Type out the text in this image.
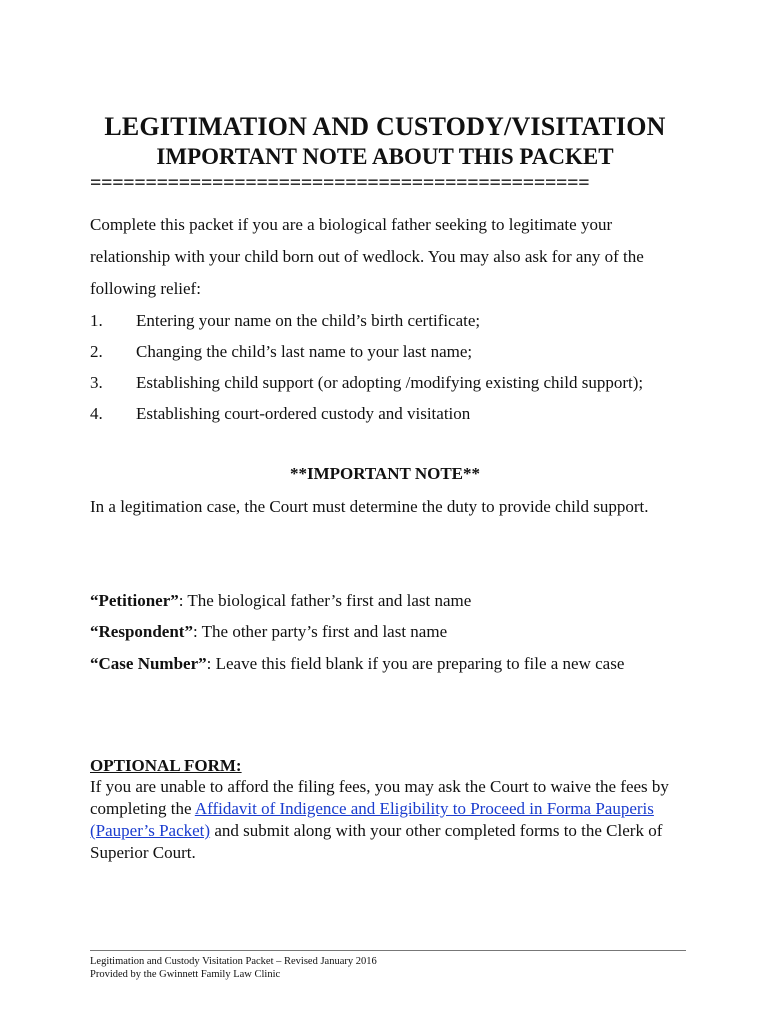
LEGITIMATION AND CUSTODY/VISITATION
IMPORTANT NOTE ABOUT THIS PACKET
=============================================
Complete this packet if you are a biological father seeking to legitimate your
relationship with your child born out of wedlock. You may also ask for any of the
following relief:
1. Entering your name on the child’s birth certificate;
2. Changing the child’s last name to your last name;
3. Establishing child support (or adopting /modifying existing child support);
4. Establishing court-ordered custody and visitation
**IMPORTANT NOTE**
In a legitimation case, the Court must determine the duty to provide child support.
“Petitioner”: The biological father’s first and last name
“Respondent”: The other party’s first and last name
“Case Number”: Leave this field blank if you are preparing to file a new case
OPTIONAL FORM:
If you are unable to afford the filing fees, you may ask the Court to waive the fees by completing the Affidavit of Indigence and Eligibility to Proceed in Forma Pauperis (Pauper’s Packet) and submit along with your other completed forms to the Clerk of Superior Court.
Legitimation and Custody Visitation Packet – Revised January 2016
Provided by the Gwinnett Family Law Clinic
